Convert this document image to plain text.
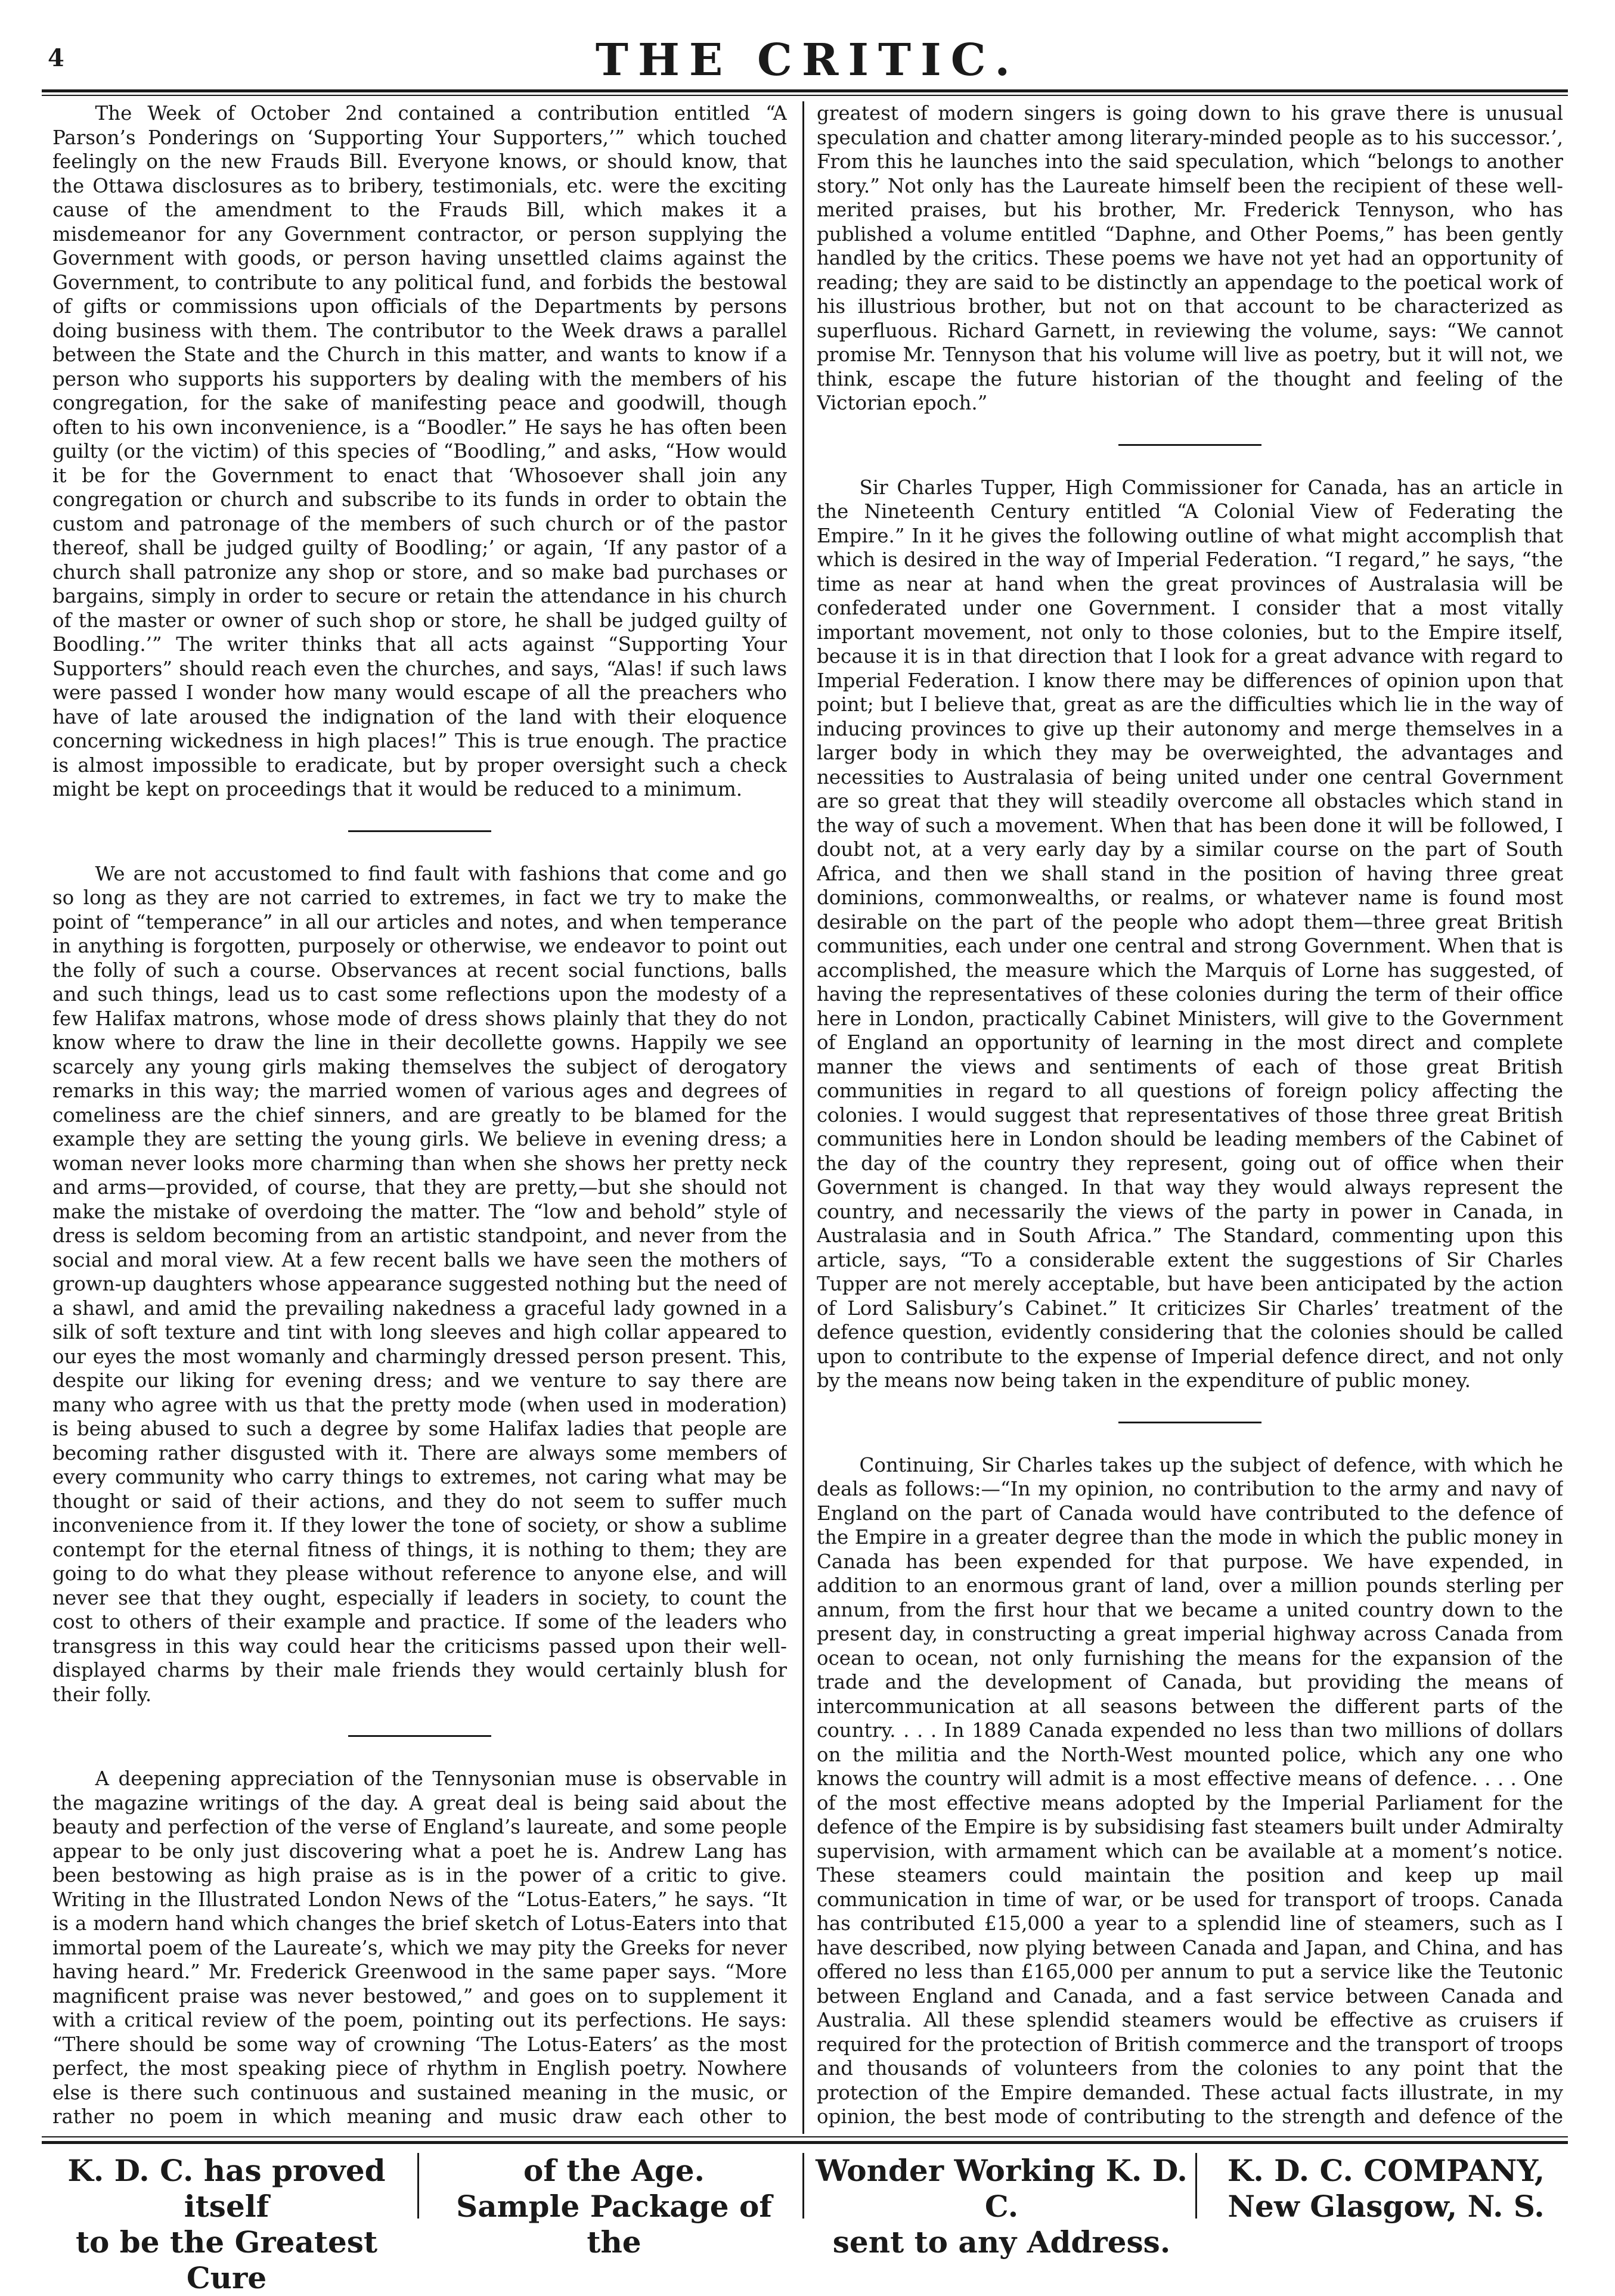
4	THE CRITIC.

The Week of October 2nd contained a contribution entitled “A Parson’s Ponderings on ‘Supporting Your Supporters,’” which touched feelingly on the new Frauds Bill. Everyone knows, or should know, that the Ottawa disclosures as to bribery, testimonials, etc. were the exciting cause of the amendment to the Frauds Bill, which makes it a misdemeanor for any Government contractor, or person supplying the Government with goods, or person having unsettled claims against the Government, to contribute to any political fund, and forbids the bestowal of gifts or commissions upon officials of the Departments by persons doing business with them. The contributor to the Week draws a parallel between the State and the Church in this matter, and wants to know if a person who supports his supporters by dealing with the members of his congregation, for the sake of manifesting peace and goodwill, though often to his own inconvenience, is a “Boodler.” He says he has often been guilty (or the victim) of this species of “Boodling,” and asks, “How would it be for the Government to enact that ‘Whosoever shall join any congregation or church and subscribe to its funds in order to obtain the custom and patronage of the members of such church or of the pastor thereof, shall be judged guilty of Boodling;’ or again, ‘If any pastor of a church shall patronize any shop or store, and so make bad purchases or bargains, simply in order to secure or retain the attendance in his church of the master or owner of such shop or store, he shall be judged guilty of Boodling.’” The writer thinks that all acts against “Supporting Your Supporters” should reach even the churches, and says, “Alas! if such laws were passed I wonder how many would escape of all the preachers who have of late aroused the indignation of the land with their eloquence concerning wickedness in high places!” This is true enough. The practice is almost impossible to eradicate, but by proper oversight such a check might be kept on proceedings that it would be reduced to a minimum.

We are not accustomed to find fault with fashions that come and go so long as they are not carried to extremes, in fact we try to make the point of “temperance” in all our articles and notes, and when temperance in anything is forgotten, purposely or otherwise, we endeavor to point out the folly of such a course. Observances at recent social functions, balls and such things, lead us to cast some reflections upon the modesty of a few Halifax matrons, whose mode of dress shows plainly that they do not know where to draw the line in their decollette gowns. Happily we see scarcely any young girls making themselves the subject of derogatory remarks in this way; the married women of various ages and degrees of comeliness are the chief sinners, and are greatly to be blamed for the example they are setting the young girls. We believe in evening dress; a woman never looks more charming than when she shows her pretty neck and arms—provided, of course, that they are pretty,—but she should not make the mistake of overdoing the matter. The “low and behold” style of dress is seldom becoming from an artistic standpoint, and never from the social and moral view. At a few recent balls we have seen the mothers of grown-up daughters whose appearance suggested nothing but the need of a shawl, and amid the prevailing nakedness a graceful lady gowned in a silk of soft texture and tint with long sleeves and high collar appeared to our eyes the most womanly and charmingly dressed person present. This, despite our liking for evening dress; and we venture to say there are many who agree with us that the pretty mode (when used in moderation) is being abused to such a degree by some Halifax ladies that people are becoming rather disgusted with it. There are always some members of every community who carry things to extremes, not caring what may be thought or said of their actions, and they do not seem to suffer much inconvenience from it. If they lower the tone of society, or show a sublime contempt for the eternal fitness of things, it is nothing to them; they are going to do what they please without reference to anyone else, and will never see that they ought, especially if leaders in society, to count the cost to others of their example and practice. If some of the leaders who transgress in this way could hear the criticisms passed upon their well-displayed charms by their male friends they would certainly blush for their folly.

A deepening appreciation of the Tennysonian muse is observable in the magazine writings of the day. A great deal is being said about the beauty and perfection of the verse of England’s laureate, and some people appear to be only just discovering what a poet he is. Andrew Lang has been bestowing as high praise as is in the power of a critic to give. Writing in the Illustrated London News of the “Lotus-Eaters,” he says. “It is a modern hand which changes the brief sketch of Lotus-Eaters into that immortal poem of the Laureate’s, which we may pity the Greeks for never having heard.” Mr. Frederick Greenwood in the same paper says. “More magnificent praise was never bestowed,” and goes on to supplement it with a critical review of the poem, pointing out its perfections. He says: “There should be some way of crowning ‘The Lotus-Eaters’ as the most perfect, the most speaking piece of rhythm in English poetry. Nowhere else is there such continuous and sustained meaning in the music, or rather no poem in which meaning and music draw each other to

greatest of modern singers is going down to his grave there is unusual speculation and chatter among literary-minded people as to his successor.’, From this he launches into the said speculation, which “belongs to another story.” Not only has the Laureate himself been the recipient of these well-merited praises, but his brother, Mr. Frederick Tennyson, who has published a volume entitled “Daphne, and Other Poems,” has been gently handled by the critics. These poems we have not yet had an opportunity of reading; they are said to be distinctly an appendage to the poetical work of his illustrious brother, but not on that account to be characterized as superfluous. Richard Garnett, in reviewing the volume, says: “We cannot promise Mr. Tennyson that his volume will live as poetry, but it will not, we think, escape the future historian of the thought and feeling of the Victorian epoch.”

Sir Charles Tupper, High Commissioner for Canada, has an article in the Nineteenth Century entitled “A Colonial View of Federating the Empire.” In it he gives the following outline of what might accomplish that which is desired in the way of Imperial Federation. “I regard,” he says, “the time as near at hand when the great provinces of Australasia will be confederated under one Government. I consider that a most vitally important movement, not only to those colonies, but to the Empire itself, because it is in that direction that I look for a great advance with regard to Imperial Federation. I know there may be differences of opinion upon that point; but I believe that, great as are the difficulties which lie in the way of inducing provinces to give up their autonomy and merge themselves in a larger body in which they may be overweighted, the advantages and necessities to Australasia of being united under one central Government are so great that they will steadily overcome all obstacles which stand in the way of such a movement. When that has been done it will be followed, I doubt not, at a very early day by a similar course on the part of South Africa, and then we shall stand in the position of having three great dominions, commonwealths, or realms, or whatever name is found most desirable on the part of the people who adopt them—three great British communities, each under one central and strong Government. When that is accomplished, the measure which the Marquis of Lorne has suggested, of having the representatives of these colonies during the term of their office here in London, practically Cabinet Ministers, will give to the Government of England an opportunity of learning in the most direct and complete manner the views and sentiments of each of those great British communities in regard to all questions of foreign policy affecting the colonies. I would suggest that representatives of those three great British communities here in London should be leading members of the Cabinet of the day of the country they represent, going out of office when their Government is changed. In that way they would always represent the country, and necessarily the views of the party in power in Canada, in Australasia and in South Africa.” The Standard, commenting upon this article, says, “To a considerable extent the suggestions of Sir Charles Tupper are not merely acceptable, but have been anticipated by the action of Lord Salisbury’s Cabinet.” It criticizes Sir Charles’ treatment of the defence question, evidently considering that the colonies should be called upon to contribute to the expense of Imperial defence direct, and not only by the means now being taken in the expenditure of public money.

Continuing, Sir Charles takes up the subject of defence, with which he deals as follows:—“In my opinion, no contribution to the army and navy of England on the part of Canada would have contributed to the defence of the Empire in a greater degree than the mode in which the public money in Canada has been expended for that purpose. We have expended, in addition to an enormous grant of land, over a million pounds sterling per annum, from the first hour that we became a united country down to the present day, in constructing a great imperial highway across Canada from ocean to ocean, not only furnishing the means for the expansion of the trade and the development of Canada, but providing the means of intercommunication at all seasons between the different parts of the country. . . . In 1889 Canada expended no less than two millions of dollars on the militia and the North-West mounted police, which any one who knows the country will admit is a most effective means of defence. . . . One of the most effective means adopted by the Imperial Parliament for the defence of the Empire is by subsidising fast steamers built under Admiralty supervision, with armament which can be available at a moment’s notice. These steamers could maintain the position and keep up mail communication in time of war, or be used for transport of troops. Canada has contributed £15,000 a year to a splendid line of steamers, such as I have described, now plying between Canada and Japan, and China, and has offered no less than £165,000 per annum to put a service like the Teutonic between England and Canada, and a fast service between Canada and Australia. All these splendid steamers would be effective as cruisers if required for the protection of British commerce and the transport of troops and thousands of volunteers from the colonies to any point that the protection of the Empire demanded. These actual facts illustrate, in my opinion, the best mode of contributing to the strength and defence of the

K. D. C. has proved itself
to be the Greatest Cure
of the Age.
Sample Package of the
Wonder Working K. D. C.
sent to any Address.
K. D. C. COMPANY,
New Glasgow, N. S.
